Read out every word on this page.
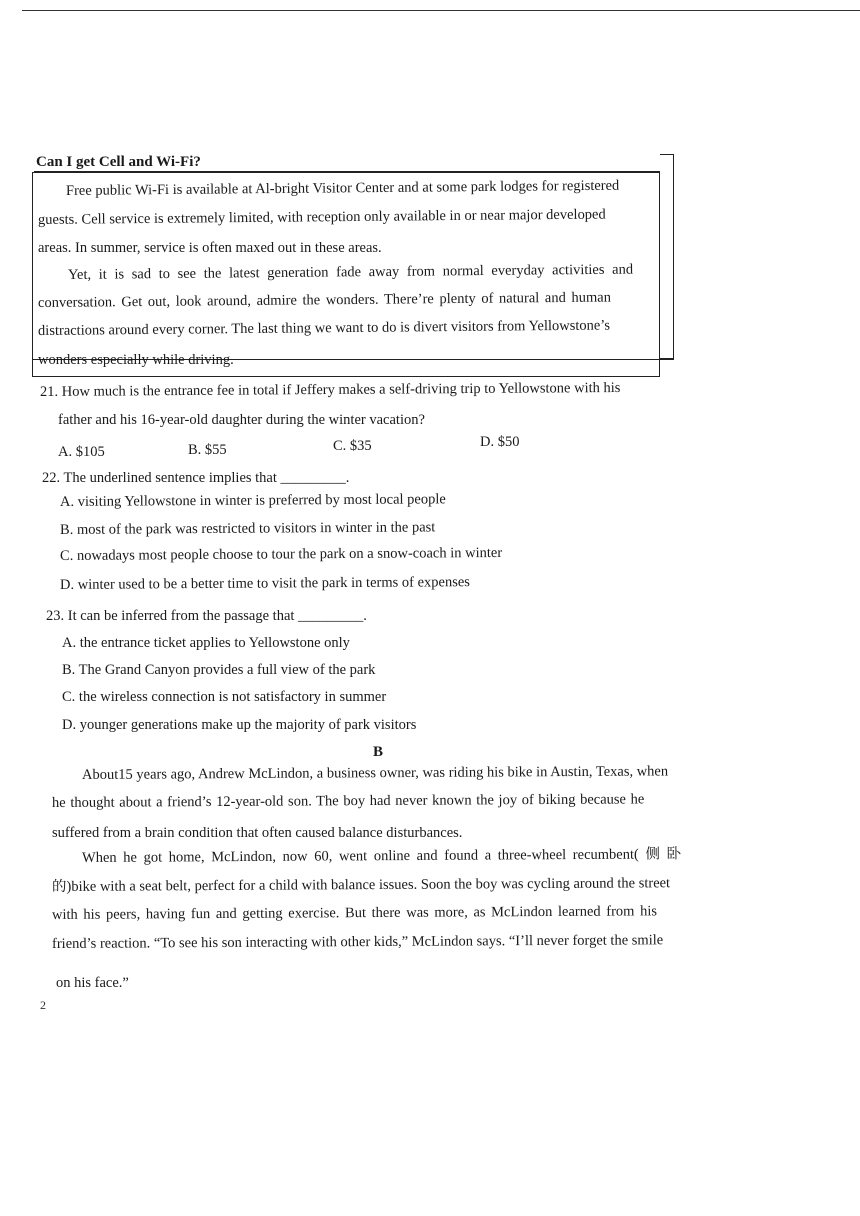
Can I get Cell and Wi-Fi?
Free public Wi-Fi is available at Al-bright Visitor Center and at some park lodges for registered
guests. Cell service is extremely limited, with reception only available in or near major developed
areas. In summer, service is often maxed out in these areas.
Yet, it is sad to see the latest generation fade away from normal everyday activities and
conversation. Get out, look around, admire the wonders. There’re plenty of natural and human
distractions around every corner. The last thing we want to do is divert visitors from Yellowstone’s
wonders especially while driving.
21. How much is the entrance fee in total if Jeffery makes a self-driving trip to Yellowstone with his
father and his 16-year-old daughter during the winter vacation?
A. $105	B. $55	C. $35	D. $50
22. The underlined sentence implies that _________.
A. visiting Yellowstone in winter is preferred by most local people
B. most of the park was restricted to visitors in winter in the past
C. nowadays most people choose to tour the park on a snow-coach in winter
D. winter used to be a better time to visit the park in terms of expenses
23. It can be inferred from the passage that _________.
A. the entrance ticket applies to Yellowstone only
B. The Grand Canyon provides a full view of the park
C. the wireless connection is not satisfactory in summer
D. younger generations make up the majority of park visitors
B
About15 years ago, Andrew McLindon, a business owner, was riding his bike in Austin, Texas, when
he thought about a friend’s 12-year-old son. The boy had never known the joy of biking because he
suffered from a brain condition that often caused balance disturbances.
When he got home, McLindon, now 60, went online and found a three-wheel recumbent( 侧 卧
的)bike with a seat belt, perfect for a child with balance issues. Soon the boy was cycling around the street
with his peers, having fun and getting exercise. But there was more, as McLindon learned from his
friend’s reaction. “To see his son interacting with other kids,” McLindon says. “I’ll never forget the smile
on his face.”
2
